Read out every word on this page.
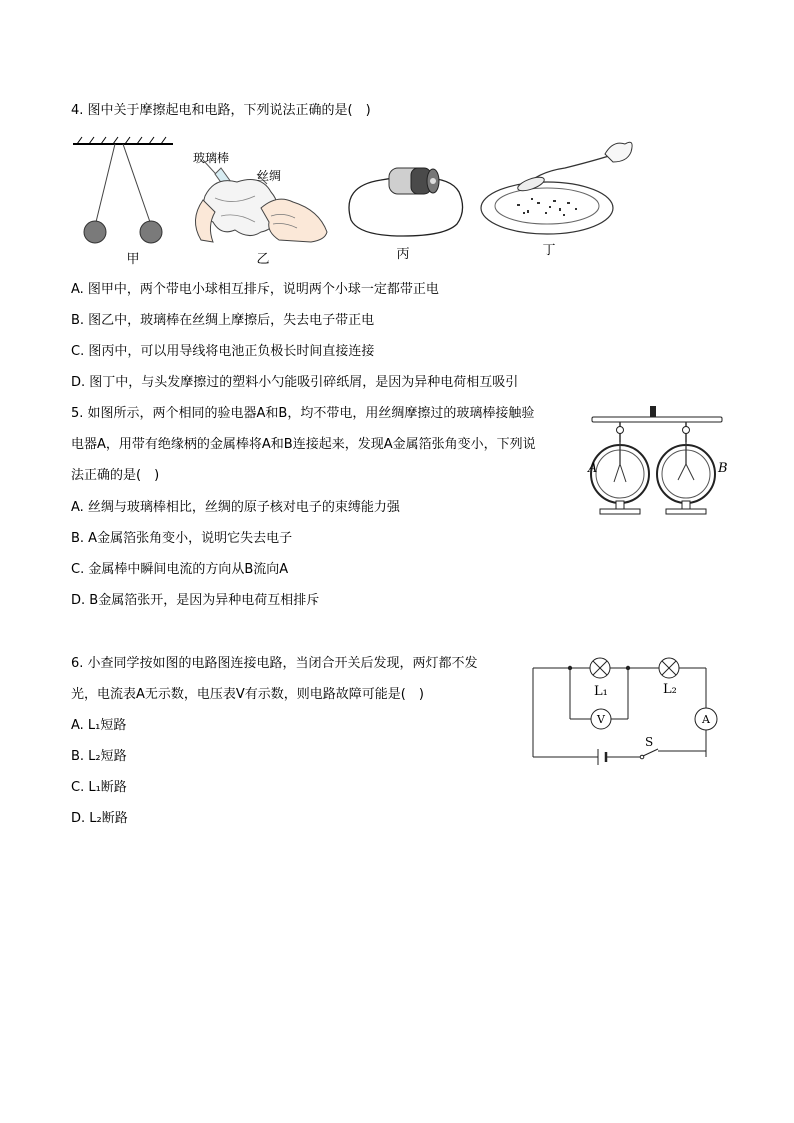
4. 图中关于摩擦起电和电路，下列说法正确的是(　)
甲
玻璃棒
丝绸
乙	丙	丁
A. 图甲中，两个带电小球相互排斥，说明两个小球一定都带正电
B. 图乙中，玻璃棒在丝绸上摩擦后，失去电子带正电
C. 图丙中，可以用导线将电池正负极长时间直接连接
D. 图丁中，与头发摩擦过的塑料小勺能吸引碎纸屑，是因为异种电荷相互吸引
5. 如图所示，两个相同的验电器A和B，均不带电，用丝绸摩擦过的玻璃棒接触验
电器A，用带有绝缘柄的金属棒将A和B连接起来，发现A金属箔张角变小，下列说
法正确的是(　)	A	B
A. 丝绸与玻璃棒相比，丝绸的原子核对电子的束缚能力强
B. A金属箔张角变小，说明它失去电子
C. 金属棒中瞬间电流的方向从B流向A
D. B金属箔张开，是因为异种电荷互相排斥
6. 小查同学按如图的电路图连接电路，当闭合开关后发现，两灯都不发
光，电流表A无示数，电压表V有示数，则电路故障可能是(　)
V	A
S
L₁	L₂
A. L₁短路
B. L₂短路
C. L₁断路
D. L₂断路
